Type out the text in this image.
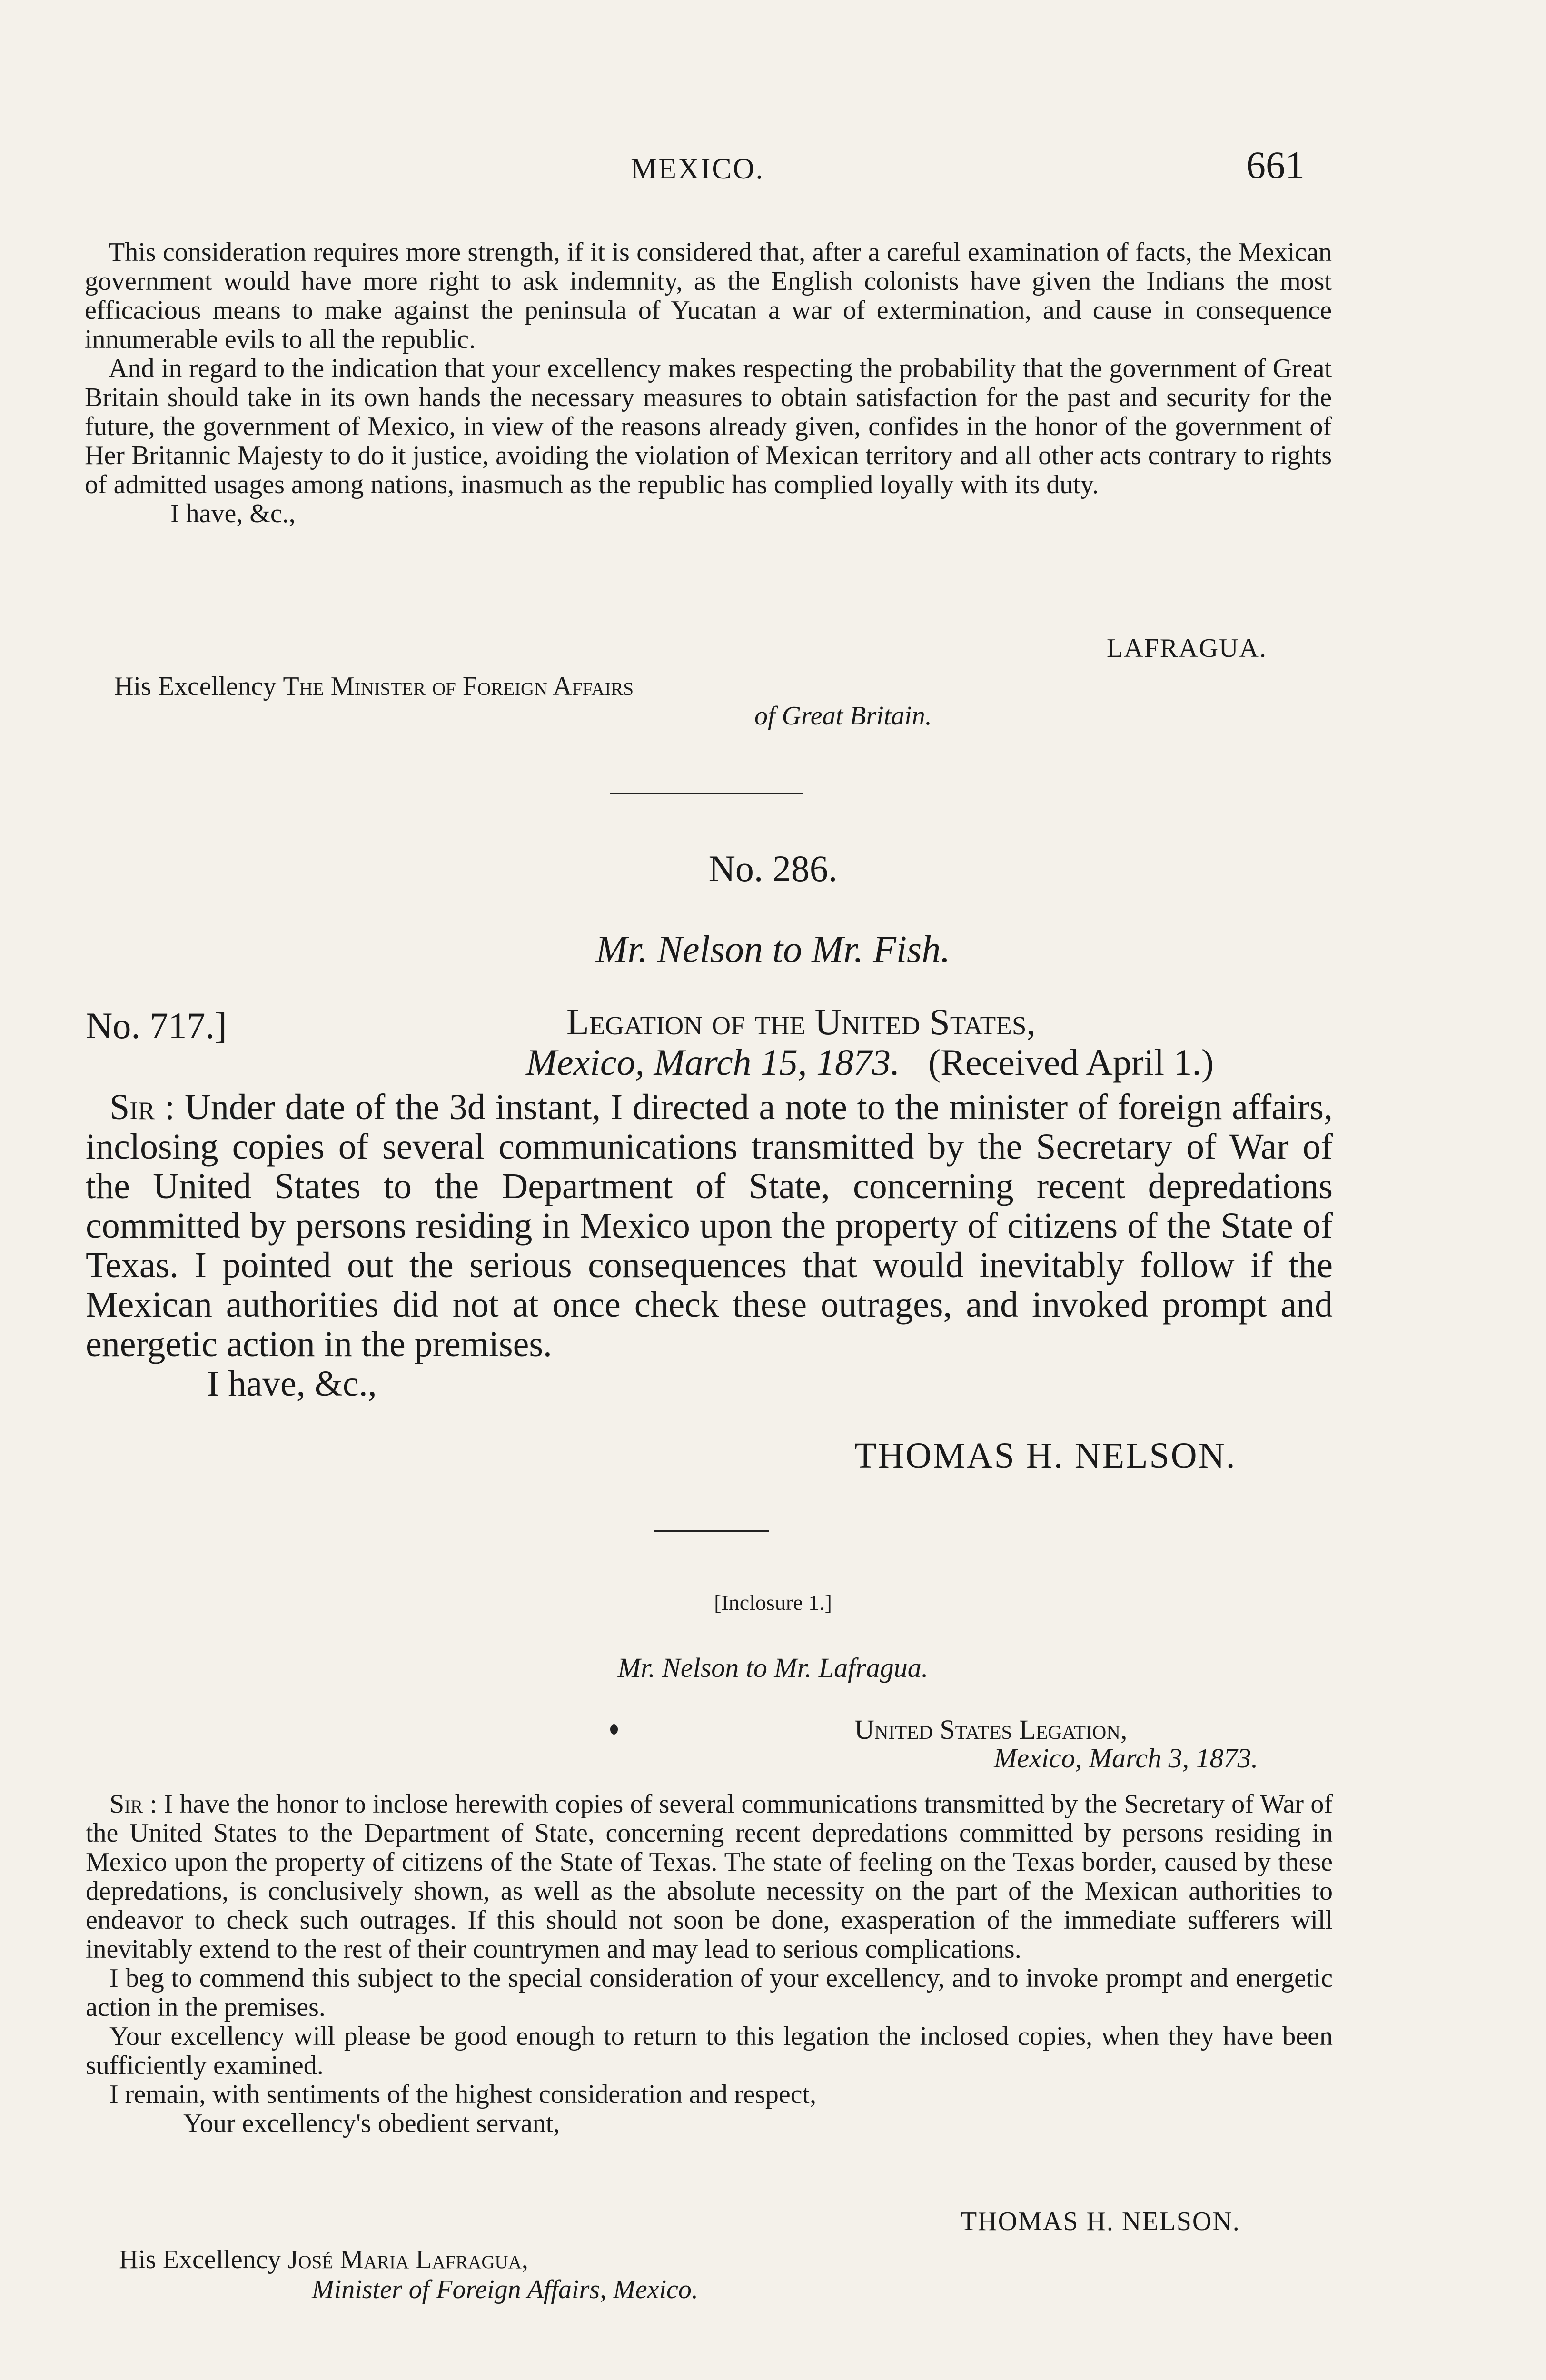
MEXICO.	661

This consideration requires more strength, if it is considered that, after a careful examination of facts, the Mexican government would have more right to ask indemnity, as the English colonists have given the Indians the most efficacious means to make against the peninsula of Yucatan a war of extermination, and cause in consequence innumerable evils to all the republic.

And in regard to the indication that your excellency makes respecting the probability that the government of Great Britain should take in its own hands the necessary measures to obtain satisfaction for the past and security for the future, the government of Mexico, in view of the reasons already given, confides in the honor of the government of Her Britannic Majesty to do it justice, avoiding the violation of Mexican territory and all other acts contrary to rights of admitted usages among nations, inasmuch as the republic has complied loyally with its duty.

I have, &c.,

LAFRAGUA.
His Excellency The Minister of Foreign Affairs
of Great Britain.
No. 286.
Mr. Nelson to Mr. Fish.
No. 717.]	Legation of the United States,
Mexico, March 15, 1873. (Received April 1.)

Sir : Under date of the 3d instant, I directed a note to the minister of foreign affairs, inclosing copies of several communications transmitted by the Secretary of War of the United States to the Department of State, concerning recent depredations committed by persons residing in Mexico upon the property of citizens of the State of Texas. I pointed out the serious consequences that would inevitably follow if the Mexican authorities did not at once check these outrages, and invoked prompt and energetic action in the premises.

I have, &c.,

THOMAS H. NELSON.
[Inclosure 1.]
Mr. Nelson to Mr. Lafragua.
United States Legation,
Mexico, March 3, 1873.

Sir : I have the honor to inclose herewith copies of several communications transmitted by the Secretary of War of the United States to the Department of State, concerning recent depredations committed by persons residing in Mexico upon the property of citizens of the State of Texas. The state of feeling on the Texas border, caused by these depredations, is conclusively shown, as well as the absolute necessity on the part of the Mexican authorities to endeavor to check such outrages. If this should not soon be done, exasperation of the immediate sufferers will inevitably extend to the rest of their countrymen and may lead to serious complications.

I beg to commend this subject to the special consideration of your excellency, and to invoke prompt and energetic action in the premises.

Your excellency will please be good enough to return to this legation the inclosed copies, when they have been sufficiently examined.

I remain, with sentiments of the highest consideration and respect,

Your excellency's obedient servant,

THOMAS H. NELSON.
His Excellency José Maria Lafragua,
Minister of Foreign Affairs, Mexico.
